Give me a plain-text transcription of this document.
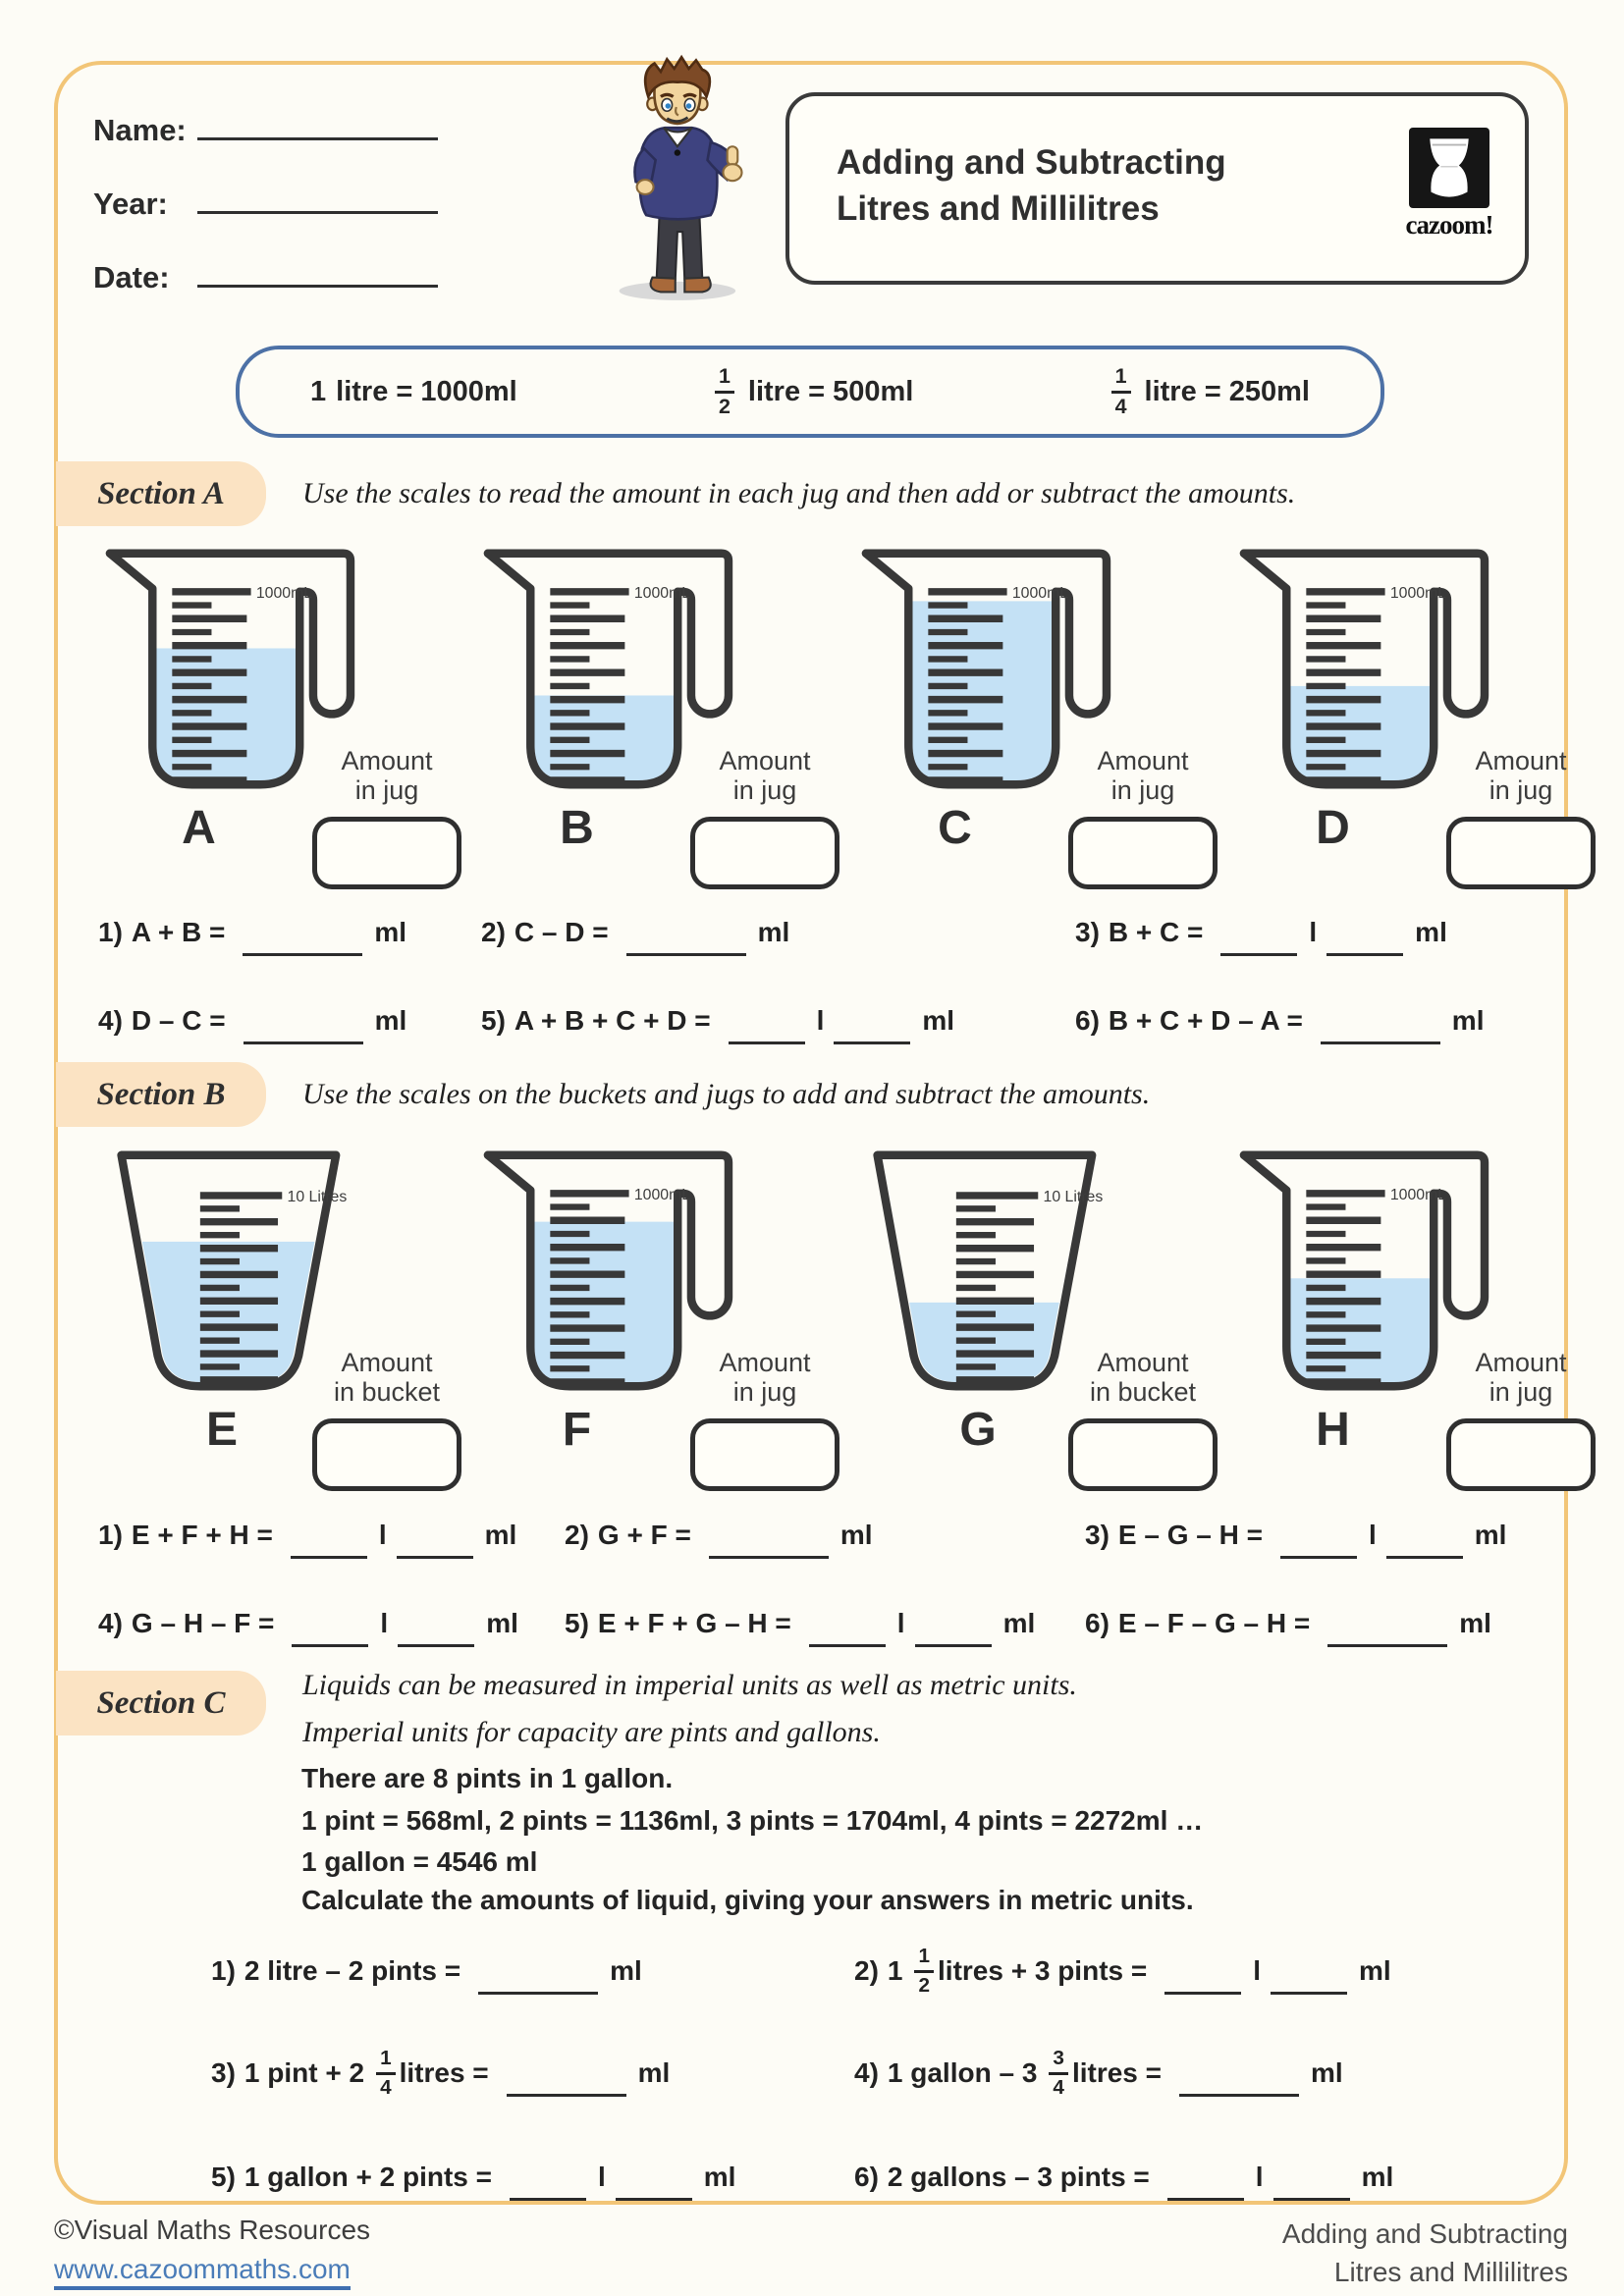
Name:
Year:
Date:
Adding and Subtracting
Litres and Millilitres	cazoom!
1 litre = 1000ml	$\frac{1}{2}$ litre = 500ml	$\frac{1}{4}$ litre = 250ml
Section A	Use the scales to read the amount in each jug and then add or subtract the amounts.
1000mL
A
Amount
in jug
1000mL
B
Amount
in jug
1000mL
C
Amount
in jug
1000mL
D
Amount
in jug
1) A + B =	ml	2) C – D =	ml	3) B + C =	l	ml
4) D – C =	ml	5) A + B + C + D =	l	ml	6) B + C + D – A =	ml
Section B	Use the scales on the buckets and jugs to add and subtract the amounts.
10 Litres
E
Amount
in bucket
1000mL
F
Amount
in jug
10 Litres
G
Amount
in bucket
1000mL
H
Amount
in jug
1) E + F + H =	l	ml 2) G + F =	ml	3) E – G – H =	l	ml
4) G – H – F =	l	ml 5) E + F + G – H =	l	ml 6) E – F – G – H =	ml
Section C	Liquids can be measured in imperial units as well as metric units.
Imperial units for capacity are pints and gallons.
There are 8 pints in 1 gallon.
1 pint = 568ml, 2 pints = 1136ml, 3 pints = 1704ml, 4 pints = 2272ml …
1 gallon = 4546 ml
Calculate the amounts of liquid, giving your answers in metric units.
1) 2 litre – 2 pints =	ml	2) $1 \frac{1}{2}$ litres + 3 pints =	l	ml
3) 1 pint + $2 \frac{1}{4}$ litres =	ml	4) 1 gallon – $3 \frac{3}{4}$ litres =	ml
5) 1 gallon + 2 pints =	l	ml	6) 2 gallons – 3 pints =	l	ml
©Visual Maths Resources
www.cazoommaths.com
Adding and Subtracting
Litres and Millilitres
